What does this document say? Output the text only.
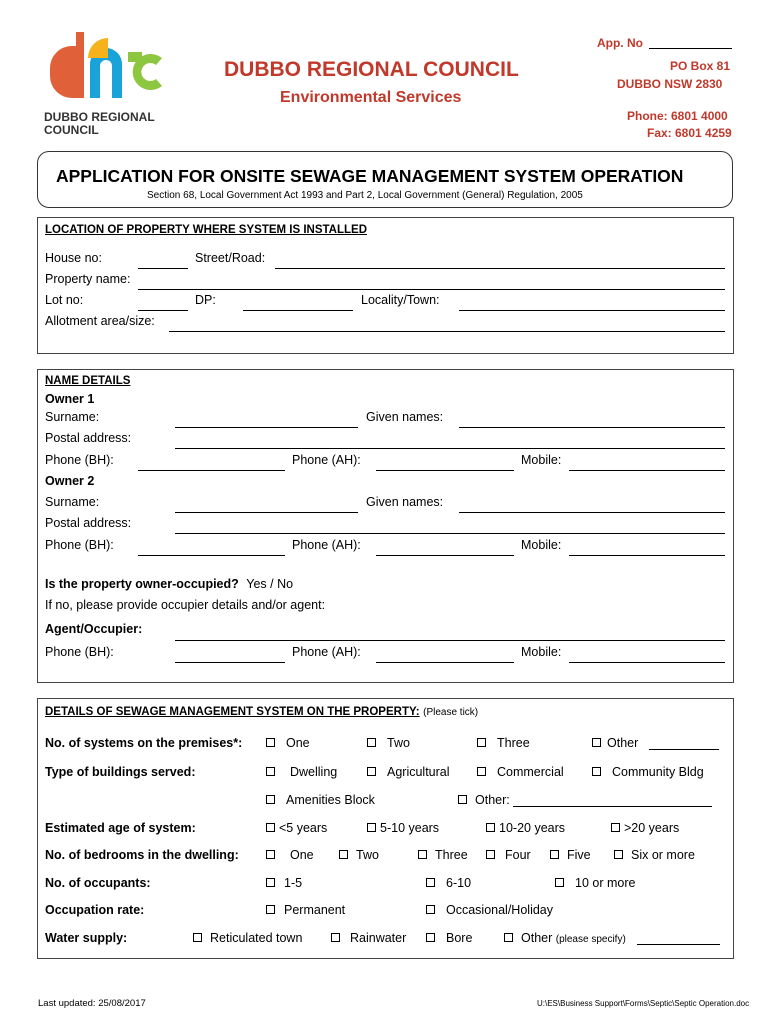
DUBBO REGIONAL
COUNCIL
DUBBO REGIONAL COUNCIL
Environmental Services
App. No
PO Box 81
DUBBO NSW 2830
Phone: 6801 4000
Fax: 6801 4259
APPLICATION FOR ONSITE SEWAGE MANAGEMENT SYSTEM OPERATION
Section 68, Local Government Act 1993 and Part 2, Local Government (General) Regulation, 2005
LOCATION OF PROPERTY WHERE SYSTEM IS INSTALLED
House no:	Street/Road:
Property name:
Lot no:	DP:	Locality/Town:
Allotment area/size:
NAME DETAILS
Owner 1
Surname:	Given names:
Postal address:
Phone (BH):	Phone (AH):	Mobile:
Owner 2
Surname:	Given names:
Postal address:
Phone (BH):	Phone (AH):	Mobile:
Is the property owner-occupied? Yes / No
If no, please provide occupier details and/or agent:
Agent/Occupier:
Phone (BH):	Phone (AH):	Mobile:
DETAILS OF SEWAGE MANAGEMENT SYSTEM ON THE PROPERTY: (Please tick)
No. of systems on the premises*:	One	Two	Three	Other
Type of buildings served:	Dwelling	Agricultural	Commercial	Community Bldg
Amenities Block	Other:
Estimated age of system:	<5 years	5-10 years	10-20 years	>20 years
No. of bedrooms in the dwelling:	One	Two	Three	Four	Five	Six or more
No. of occupants:	1-5	6-10	10 or more
Occupation rate:	Permanent	Occasional/Holiday
Water supply:	Reticulated town	Rainwater	Bore	Other (please specify)
Last updated: 25/08/2017	U:\ES\Business Support\Forms\Septic\Septic Operation.doc
